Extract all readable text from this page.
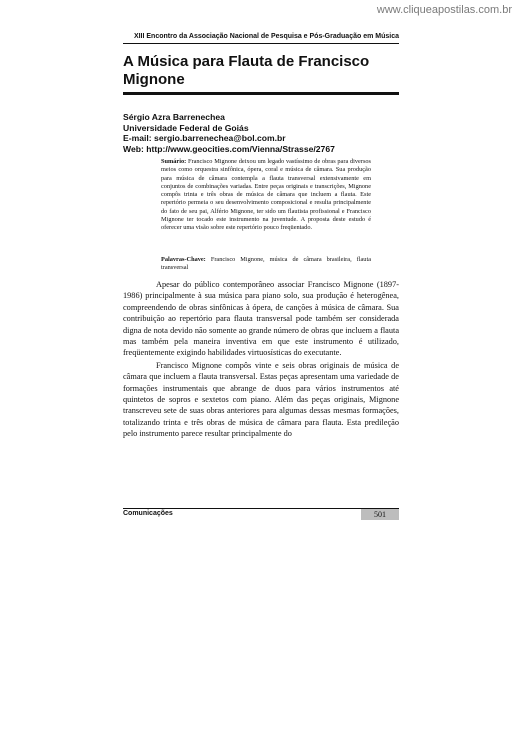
www.cliqueapostilas.com.br
XIII Encontro da Associação Nacional de Pesquisa e Pós-Graduação em Música
A Música para Flauta de Francisco Mignone
Sérgio Azra Barrenechea
Universidade Federal de Goiás
E-mail: sergio.barrenechea@bol.com.br
Web: http://www.geocities.com/Vienna/Strasse/2767
Sumário: Francisco Mignone deixou um legado vastíssimo de obras para diversos meios como orquestra sinfônica, ópera, coral e música de câmara. Sua produção para música de câmara contempla a flauta transversal extensivamente em conjuntos de combinações variadas. Entre peças originais e transcrições, Mignone compôs trinta e três obras de música de câmara que incluem a flauta. Este repertório permeia o seu desenvolvimento composicional e resulta principalmente do fato de seu pai, Alfério Mignone, ter sido um flautista profissional e Francisco Mignone ter tocado este instrumento na juventude. A proposta deste estudo é oferecer uma visão sobre este repertório pouco freqüentado.
Palavras-Chave: Francisco Mignone, música de câmara brasileira, flauta transversal

Apesar do público contemporâneo associar Francisco Mignone (1897-1986) principalmente à sua música para piano solo, sua produção é heterogênea, compreendendo de obras sinfônicas à ópera, de canções à música de câmara. Sua contribuição ao repertório para flauta transversal pode também ser considerada digna de nota devido não somente ao grande número de obras que incluem a flauta mas também pela maneira inventiva em que este instrumento é utilizado, freqüentemente exigindo habilidades virtuosísticas do executante.

Francisco Mignone compôs vinte e seis obras originais de música de câmara que incluem a flauta transversal. Estas peças apresentam uma variedade de formações instrumentais que abrange de duos para vários instrumentos até quintetos de sopros e sextetos com piano. Além das peças originais, Mignone transcreveu sete de suas obras anteriores para algumas dessas mesmas formações, totalizando trinta e três obras de música de câmara para flauta. Esta predileção pelo instrumento parece resultar principalmente do

Comunicações	501
